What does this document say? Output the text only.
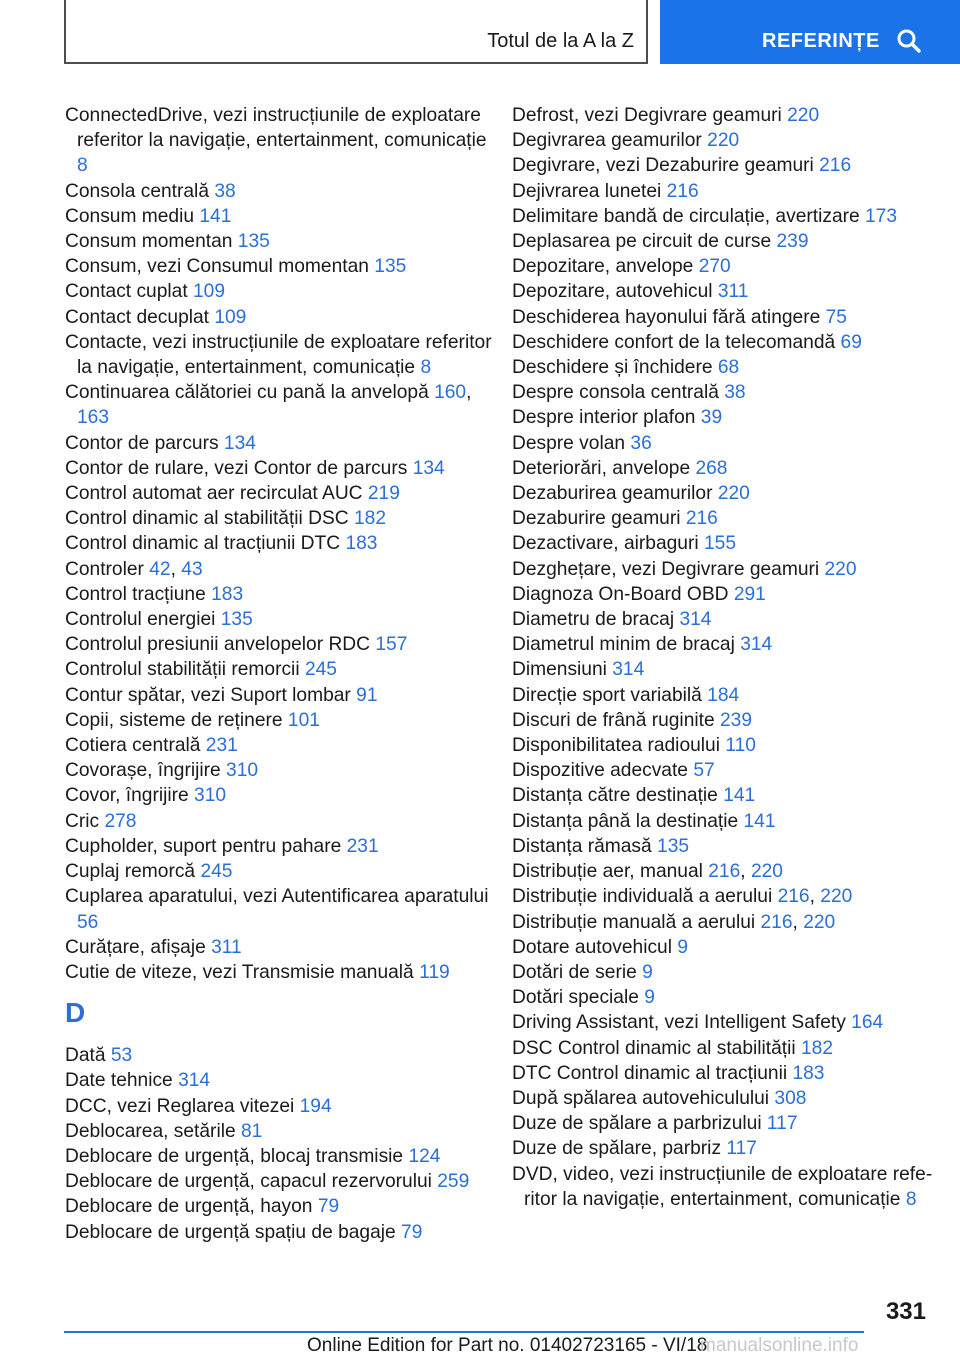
Totul de la A la Z	REFERINȚE
ConnectedDrive, vezi instrucțiunile de exploatare referitor la navigație, entertainment, comunicație 8
Consola centrală 38
Consum mediu 141
Consum momentan 135
Consum, vezi Consumul momentan 135
Contact cuplat 109
Contact decuplat 109
Contacte, vezi instrucțiunile de exploatare referitor la navigație, entertainment, comunicație 8
Continuarea călătoriei cu pană la anvelopă 160, 163
Contor de parcurs 134
Contor de rulare, vezi Contor de parcurs 134
Control automat aer recirculat AUC 219
Control dinamic al stabilității DSC 182
Control dinamic al tracțiunii DTC 183
Controler 42, 43
Control tracțiune 183
Controlul energiei 135
Controlul presiunii anvelopelor RDC 157
Controlul stabilității remorcii 245
Contur spătar, vezi Suport lombar 91
Copii, sisteme de reținere 101
Cotiera centrală 231
Covorașe, îngrijire 310
Covor, îngrijire 310
Cric 278
Cupholder, suport pentru pahare 231
Cuplaj remorcă 245
Cuplarea aparatului, vezi Autentificarea aparatului 56
Curățare, afișaje 311
Cutie de viteze, vezi Transmisie manuală 119
D
Dată 53
Date tehnice 314
DCC, vezi Reglarea vitezei 194
Deblocarea, setările 81
Deblocare de urgență, blocaj transmisie 124
Deblocare de urgență, capacul rezervorului 259
Deblocare de urgență, hayon 79
Deblocare de urgență spațiu de bagaje 79
Defrost, vezi Degivrare geamuri 220
Degivrarea geamurilor 220
Degivrare, vezi Dezaburire geamuri 216
Dejivrarea lunetei 216
Delimitare bandă de circulație, avertizare 173
Deplasarea pe circuit de curse 239
Depozitare, anvelope 270
Depozitare, autovehicul 311
Deschiderea hayonului fără atingere 75
Deschidere confort de la telecomandă 69
Deschidere și închidere 68
Despre consola centrală 38
Despre interior plafon 39
Despre volan 36
Deteriorări, anvelope 268
Dezaburirea geamurilor 220
Dezaburire geamuri 216
Dezactivare, airbaguri 155
Dezghețare, vezi Degivrare geamuri 220
Diagnoza On-Board OBD 291
Diametru de bracaj 314
Diametrul minim de bracaj 314
Dimensiuni 314
Direcție sport variabilă 184
Discuri de frână ruginite 239
Disponibilitatea radioului 110
Dispozitive adecvate 57
Distanța către destinație 141
Distanța până la destinație 141
Distanța rămasă 135
Distribuție aer, manual 216, 220
Distribuție individuală a aerului 216, 220
Distribuție manuală a aerului 216, 220
Dotare autovehicul 9
Dotări de serie 9
Dotări speciale 9
Driving Assistant, vezi Intelligent Safety 164
DSC Control dinamic al stabilității 182
DTC Control dinamic al tracțiunii 183
După spălarea autovehiculului 308
Duze de spălare a parbrizului 117
Duze de spălare, parbriz 117
DVD, video, vezi instrucțiunile de exploatare referitor la navigație, entertainment, comunicație 8
331
Online Edition for Part no. 01402723165 - VI/18
manualsonline.info
